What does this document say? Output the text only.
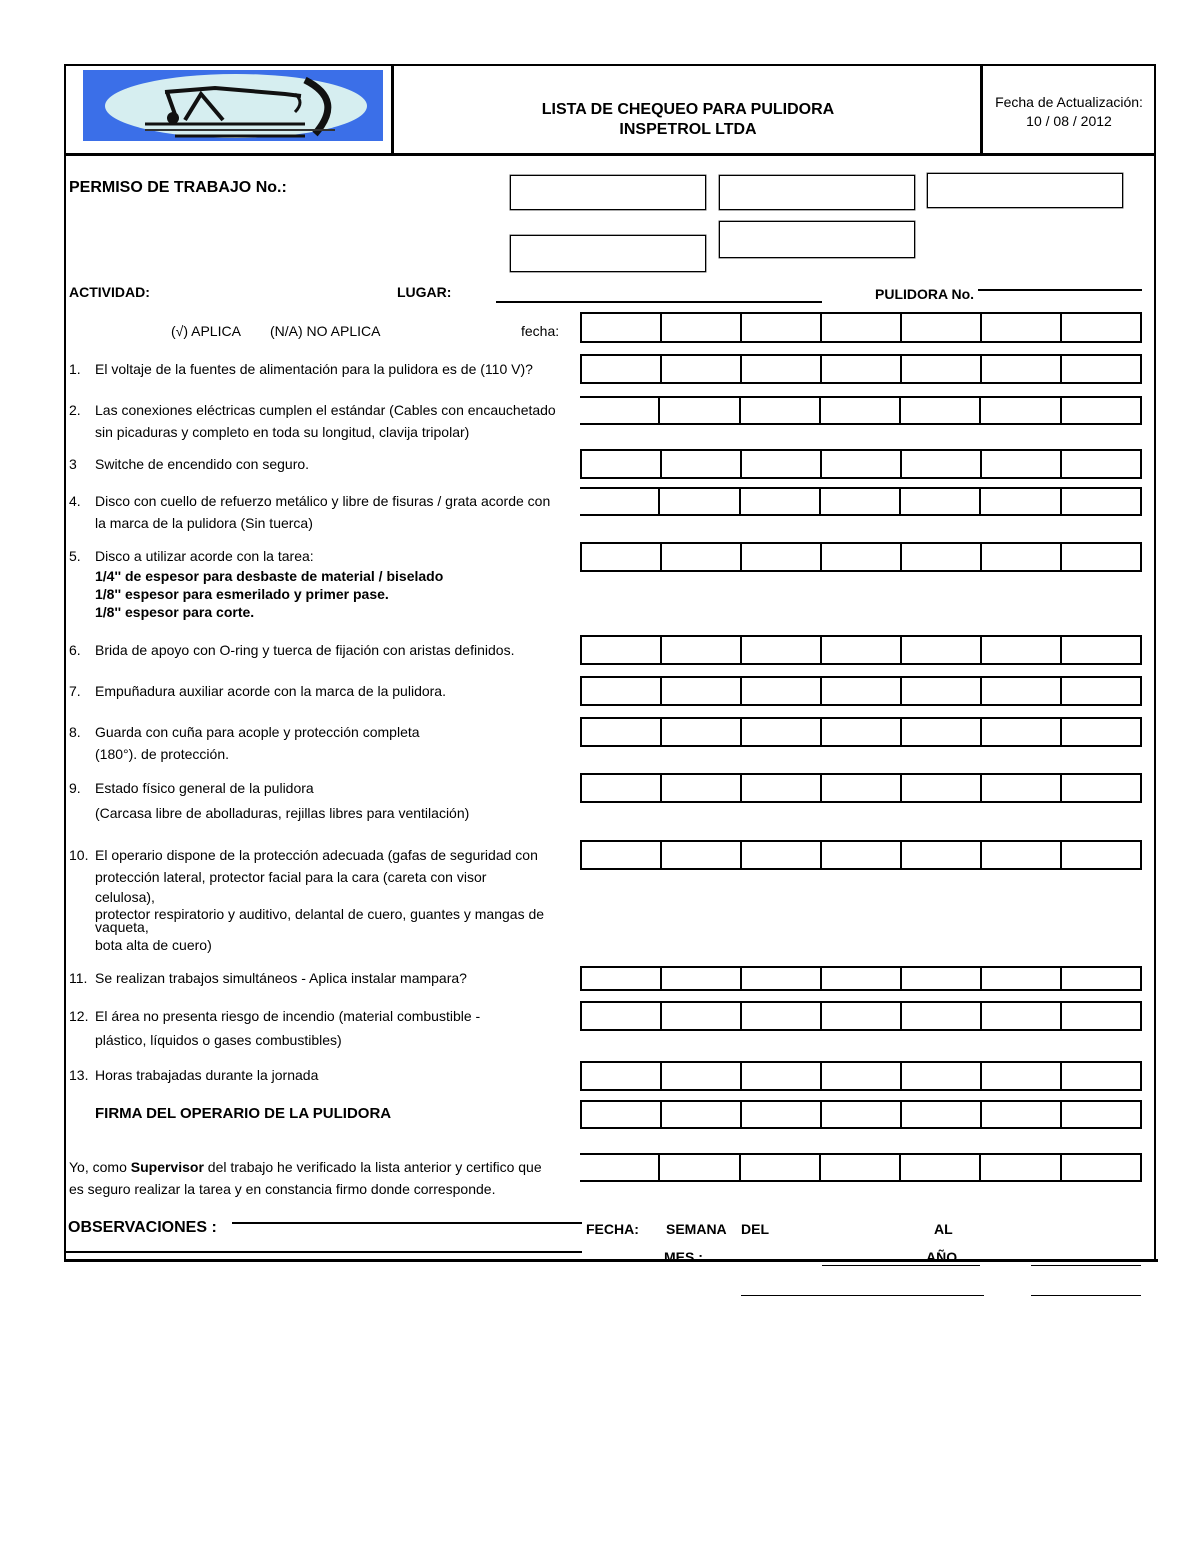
LISTA DE CHEQUEO PARA PULIDORA
INSPETROL LTDA
Fecha de Actualización:
10 / 08 / 2012
PERMISO DE TRABAJO No.:
ACTIVIDAD:	LUGAR:	PULIDORA No.
(√) APLICA (N/A) NO APLICA	fecha:
1. El voltaje de la fuentes de alimentación para la pulidora es de (110 V)?
2. Las conexiones eléctricas cumplen el estándar (Cables con encauchetado
sin picaduras y completo en toda su longitud, clavija tripolar)
3 Switche de encendido con seguro.
4. Disco con cuello de refuerzo metálico y libre de fisuras / grata acorde con
la marca de la pulidora (Sin tuerca)
5. Disco a utilizar acorde con la tarea:
1/4'' de espesor para desbaste de material / biselado
1/8'' espesor para esmerilado y primer pase.
1/8'' espesor para corte.
6. Brida de apoyo con O-ring y tuerca de fijación con aristas definidos.
7. Empuñadura auxiliar acorde con la marca de la pulidora.
8. Guarda con cuña para acople y protección completa
(180°). de protección.
9. Estado físico general de la pulidora
(Carcasa libre de abolladuras, rejillas libres para ventilación)
10. El operario dispone de la protección adecuada (gafas de seguridad con
protección lateral, protector facial para la cara (careta con visor
celulosa),
protector respiratorio y auditivo, delantal de cuero, guantes y mangas de vaqueta,
bota alta de cuero)
11. Se realizan trabajos simultáneos - Aplica instalar mampara?
12. El área no presenta riesgo de incendio (material combustible -
plástico, líquidos o gases combustibles)
13. Horas trabajadas durante la jornada
FIRMA DEL OPERARIO DE LA PULIDORA
Yo, como Supervisor del trabajo he verificado la lista anterior y certifico que
es seguro realizar la tarea y en constancia firmo donde corresponde.
OBSERVACIONES :	FECHA: SEMANA DEL	AL
MES :	AÑO
